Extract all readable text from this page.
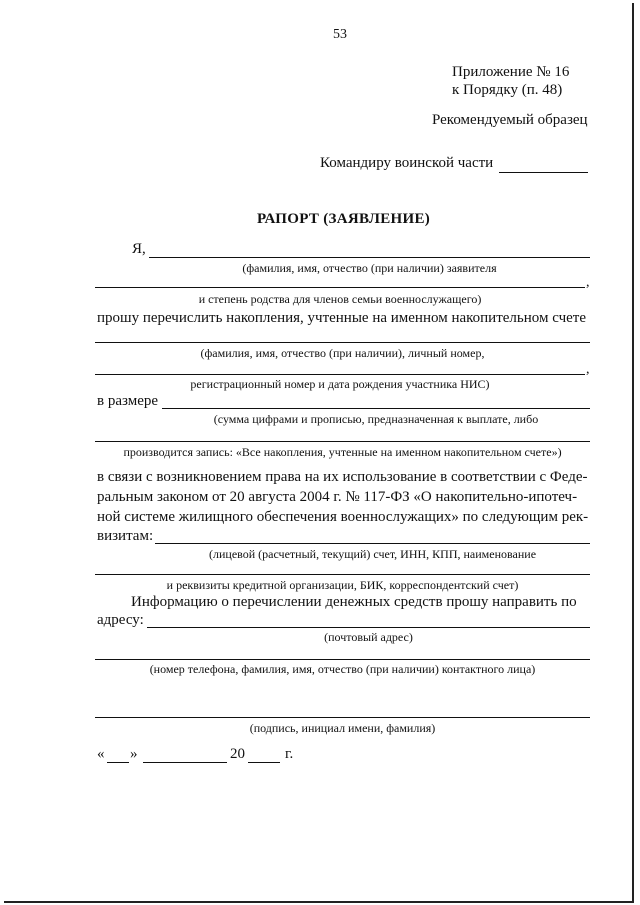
53
Приложение № 16
к Порядку (п. 48)
Рекомендуемый образец
Командиру воинской части
РАПОРТ (ЗАЯВЛЕНИЕ)
Я,
(фамилия, имя, отчество (при наличии) заявителя
,
и степень родства для членов семьи военнослужащего)
прошу перечислить накопления, учтенные на именном накопительном счете
(фамилия, имя, отчество (при наличии), личный номер,
,
регистрационный номер и дата рождения участника НИС)
в размере
(сумма цифрами и прописью, предназначенная к выплате, либо
производится запись: «Все накопления, учтенные на именном накопительном счете»)
в связи с возникновением права на их использование в соответствии с Феде-
ральным законом от 20 августа 2004 г. № 117-ФЗ «О накопительно-ипотеч-
ной системе жилищного обеспечения военнослужащих» по следующим рек-
визитам:
(лицевой (расчетный, текущий) счет, ИНН, КПП, наименование
и реквизиты кредитной организации, БИК, корреспондентский счет)
Информацию о перечислении денежных средств прошу направить по
адресу:
(почтовый адрес)
(номер телефона, фамилия, имя, отчество (при наличии) контактного лица)
(подпись, инициал имени, фамилия)
« »	20	г.
